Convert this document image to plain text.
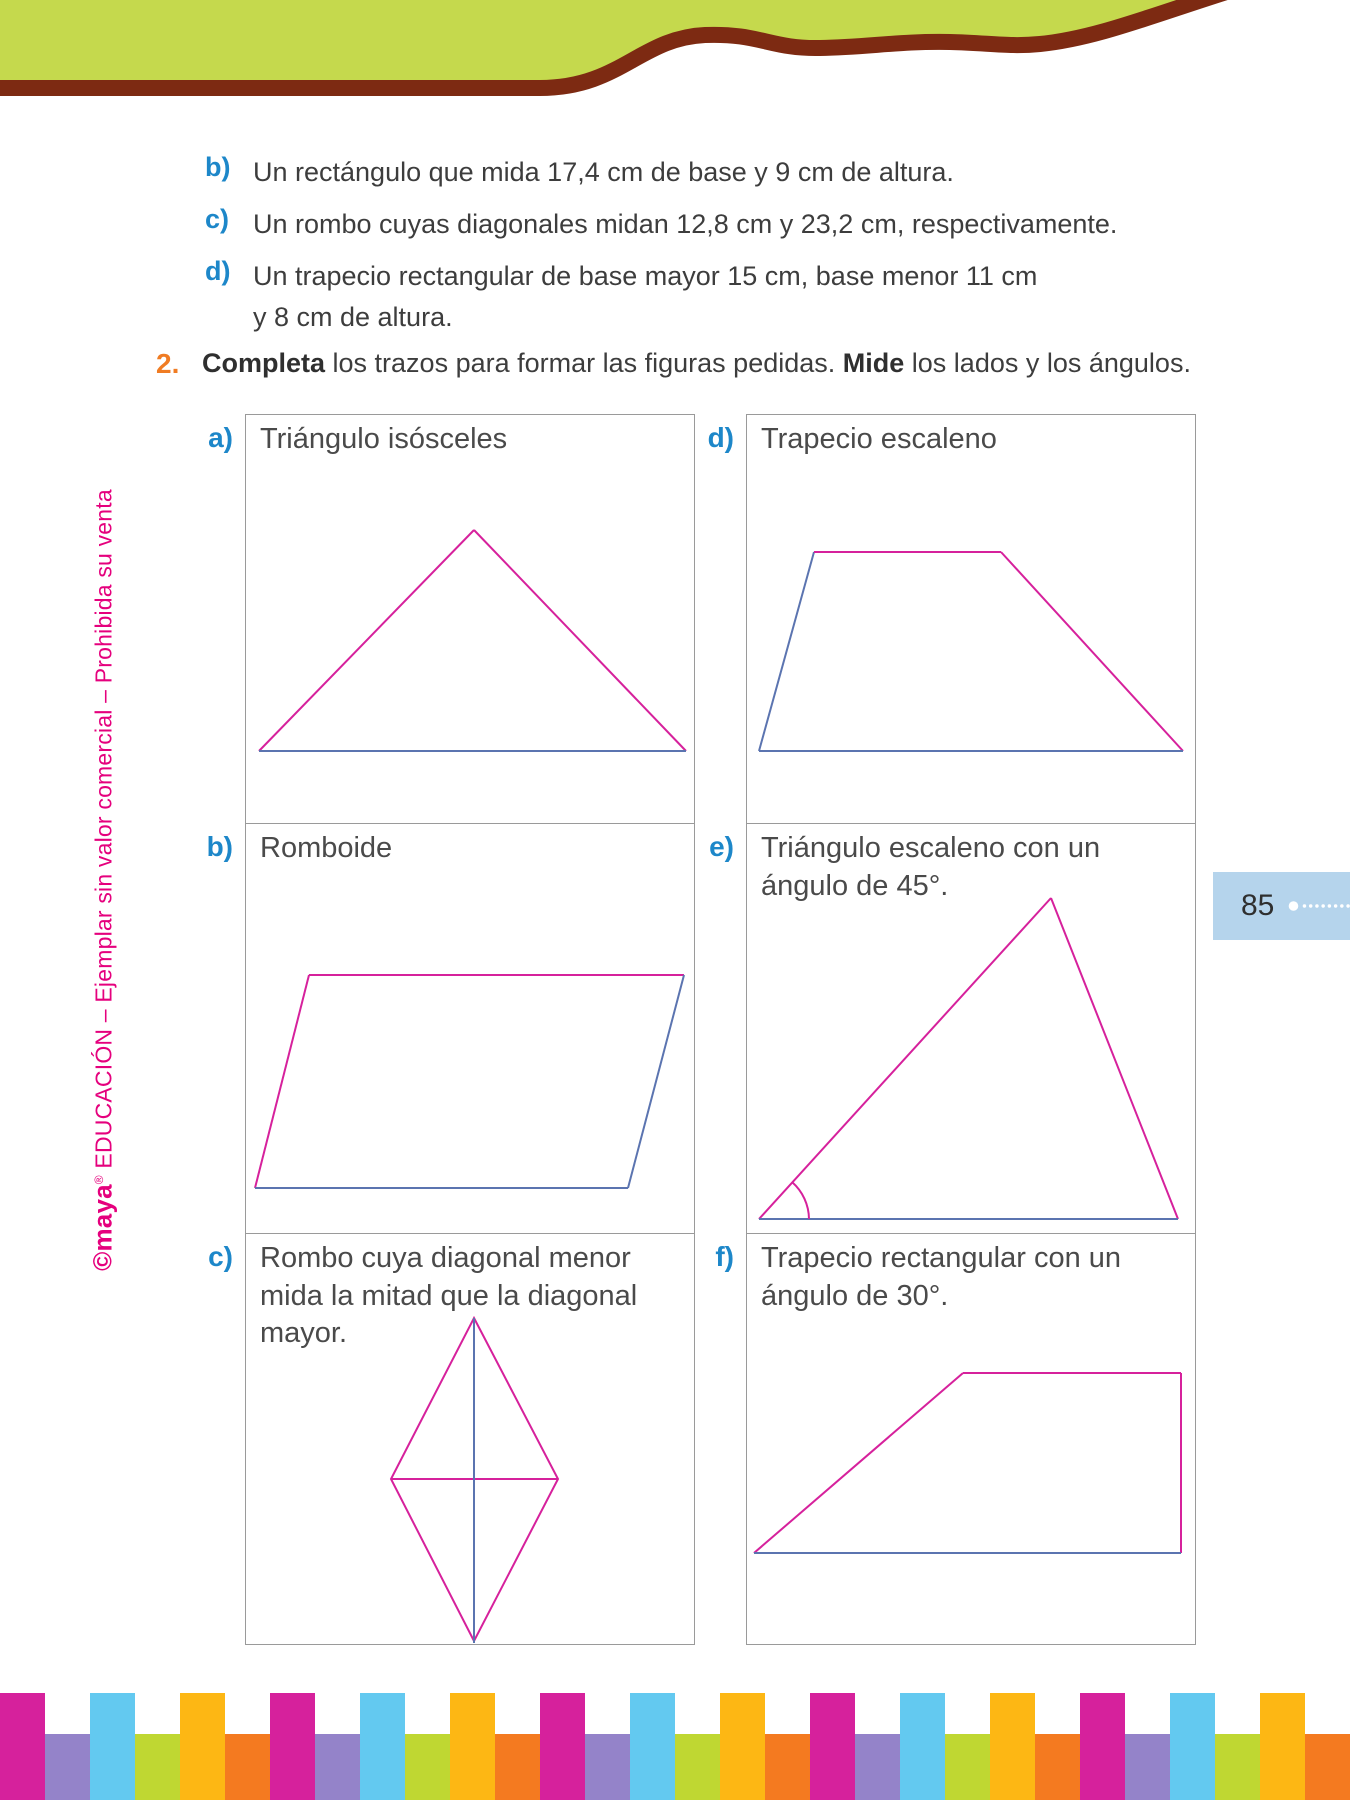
b) Un rectángulo que mida 17,4 cm de base y 9 cm de altura.
c) Un rombo cuyas diagonales midan 12,8 cm y 23,2 cm, respectivamente.
d) Un trapecio rectangular de base mayor 15 cm, base menor 11 cm y 8 cm de altura.
2. Completa los trazos para formar las figuras pedidas. Mide los lados y los ángulos.
a)	d)
b)	e)
c)	f)
Triángulo isósceles
Romboide
Rombo cuya diagonal menor mida la mitad que la diagonal mayor.
Trapecio escaleno
Triángulo escaleno con un ángulo de 45°.
Trapecio rectangular con un ángulo de 30°.
©maya® EDUCACIÓN – Ejemplar sin valor comercial – Prohibida su venta	85
